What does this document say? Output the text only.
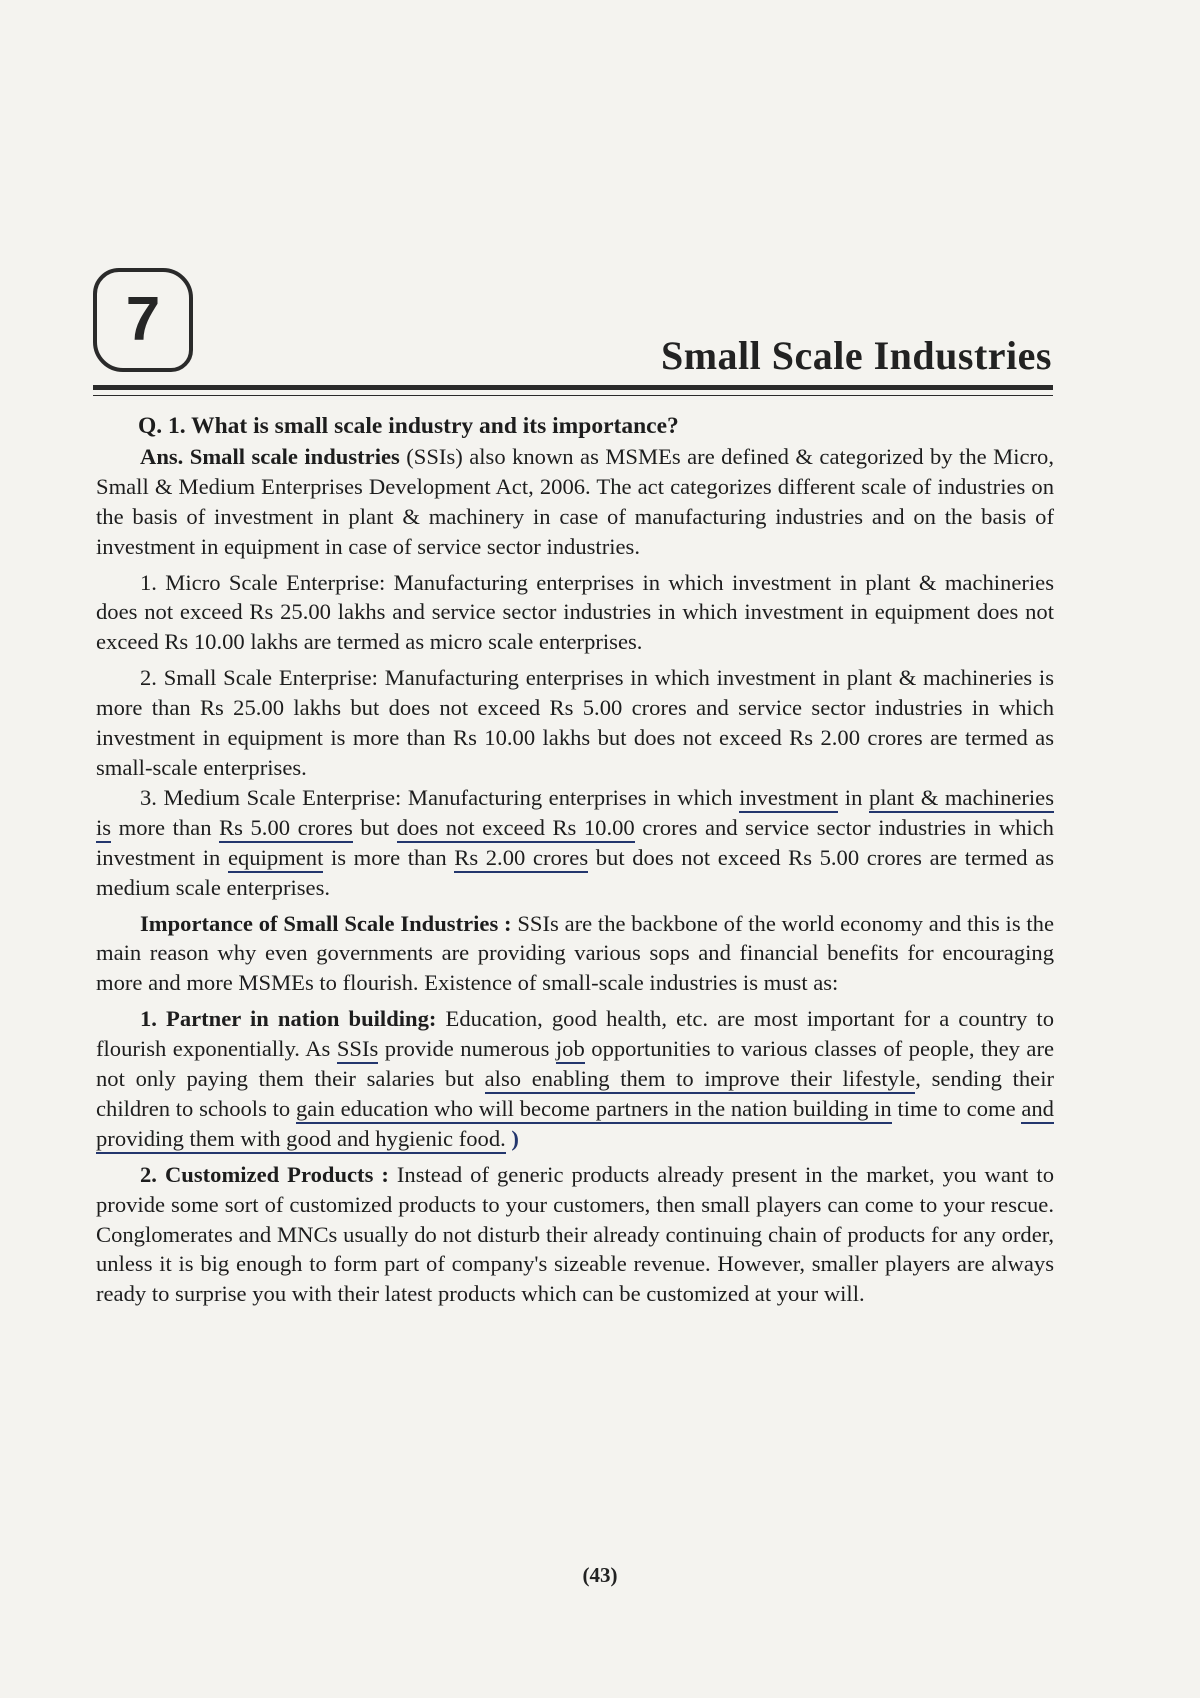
7
Small Scale Industries

Q. 1. What is small scale industry and its importance?

Ans. Small scale industries (SSIs) also known as MSMEs are defined & categorized by the Micro, Small & Medium Enterprises Development Act, 2006. The act categorizes different scale of industries on the basis of investment in plant & machinery in case of manufacturing industries and on the basis of investment in equipment in case of service sector industries.

1. Micro Scale Enterprise: Manufacturing enterprises in which investment in plant & machineries does not exceed Rs 25.00 lakhs and service sector industries in which investment in equipment does not exceed Rs 10.00 lakhs are termed as micro scale enterprises.

2. Small Scale Enterprise: Manufacturing enterprises in which investment in plant & machineries is more than Rs 25.00 lakhs but does not exceed Rs 5.00 crores and service sector industries in which investment in equipment is more than Rs 10.00 lakhs but does not exceed Rs 2.00 crores are termed as small-scale enterprises.

3. Medium Scale Enterprise: Manufacturing enterprises in which investment in plant & machineries is more than Rs 5.00 crores but does not exceed Rs 10.00 crores and service sector industries in which investment in equipment is more than Rs 2.00 crores but does not exceed Rs 5.00 crores are termed as medium scale enterprises.

Importance of Small Scale Industries : SSIs are the backbone of the world economy and this is the main reason why even governments are providing various sops and financial benefits for encouraging more and more MSMEs to flourish. Existence of small-scale industries is must as:

1. Partner in nation building: Education, good health, etc. are most important for a country to flourish exponentially. As SSIs provide numerous job opportunities to various classes of people, they are not only paying them their salaries but also enabling them to improve their lifestyle, sending their children to schools to gain education who will become partners in the nation building in time to come and providing them with good and hygienic food. )

2. Customized Products : Instead of generic products already present in the market, you want to provide some sort of customized products to your customers, then small players can come to your rescue. Conglomerates and MNCs usually do not disturb their already continuing chain of products for any order, unless it is big enough to form part of company's sizeable revenue. However, smaller players are always ready to surprise you with their latest products which can be customized at your will.

(43)
